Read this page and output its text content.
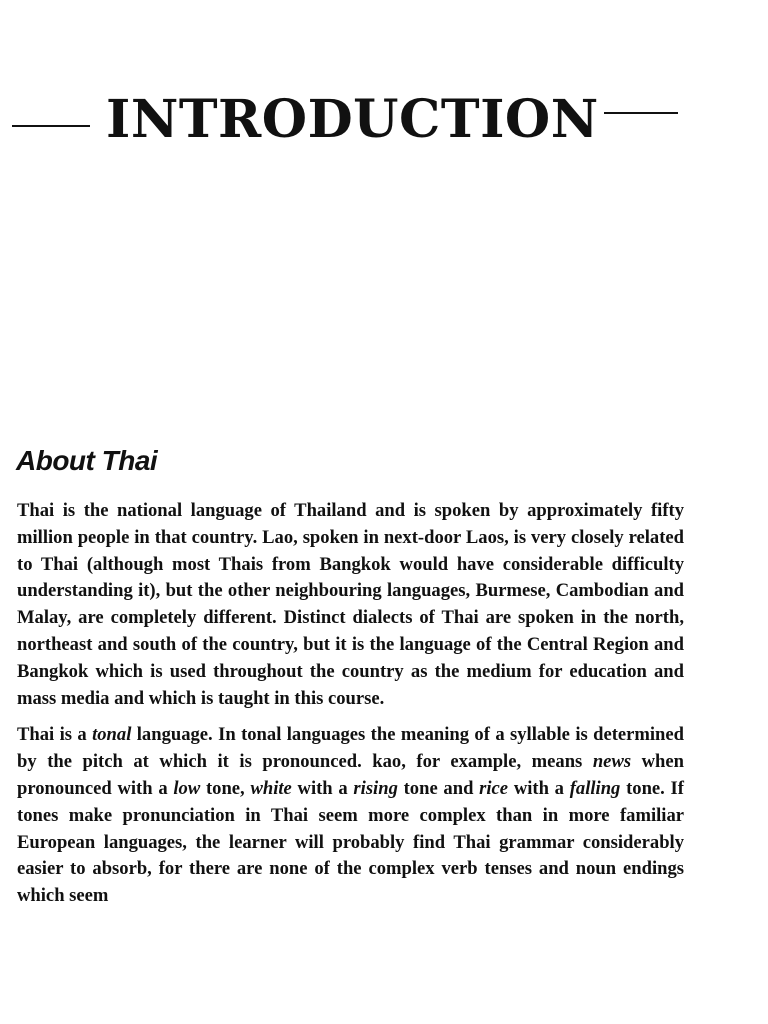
INTRODUCTION
About Thai

Thai is the national language of Thailand and is spoken by approximately fifty million people in that country. Lao, spoken in next-door Laos, is very closely related to Thai (although most Thais from Bangkok would have considerable difficulty understanding it), but the other neighbouring languages, Burmese, Cambodian and Malay, are completely different. Distinct dialects of Thai are spoken in the north, northeast and south of the country, but it is the language of the Central Region and Bangkok which is used throughout the country as the medium for education and mass media and which is taught in this course.

Thai is a tonal language. In tonal languages the meaning of a syllable is determined by the pitch at which it is pronounced. kao, for example, means news when pronounced with a low tone, white with a rising tone and rice with a falling tone. If tones make pronunciation in Thai seem more complex than in more familiar European languages, the learner will probably find Thai grammar considerably easier to absorb, for there are none of the complex verb tenses and noun endings which seem
